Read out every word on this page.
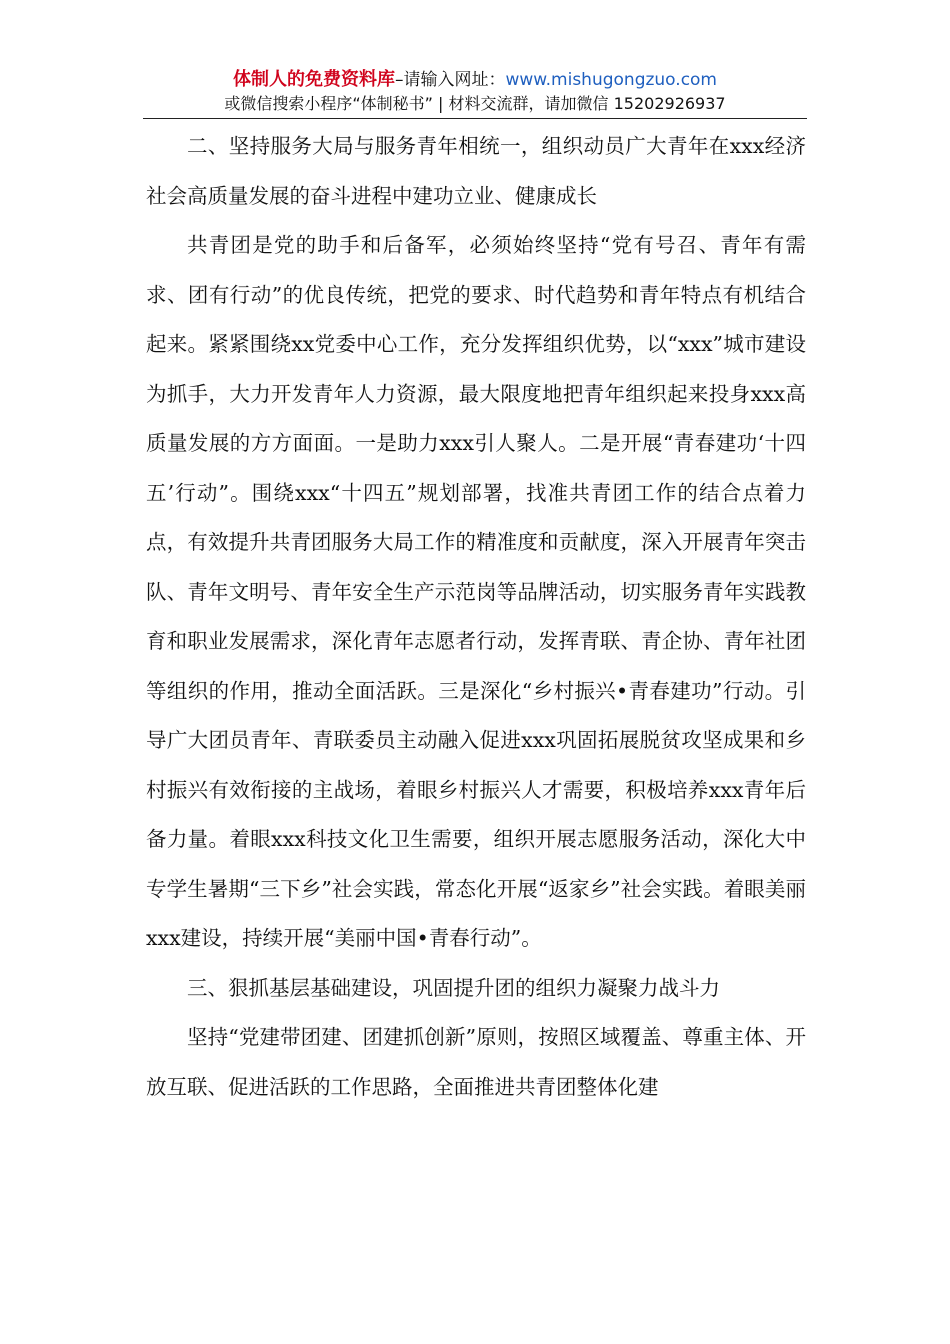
体制人的免费资料库–请输入网址：www.mishugongzuo.com
或微信搜索小程序“体制秘书” | 材料交流群，请加微信 15202926937

二、坚持服务大局与服务青年相统一，组织动员广大青年在xxx经济社会高质量发展的奋斗进程中建功立业、健康成长

共青团是党的助手和后备军，必须始终坚持“党有号召、青年有需求、团有行动”的优良传统，把党的要求、时代趋势和青年特点有机结合起来。紧紧围绕xx党委中心工作，充分发挥组织优势，以“xxx”城市建设为抓手，大力开发青年人力资源，最大限度地把青年组织起来投身xxx高质量发展的方方面面。一是助力xxx引人聚人。二是开展“青春建功‘十四五’行动”。围绕xxx“十四五”规划部署，找准共青团工作的结合点着力点，有效提升共青团服务大局工作的精准度和贡献度，深入开展青年突击队、青年文明号、青年安全生产示范岗等品牌活动，切实服务青年实践教育和职业发展需求，深化青年志愿者行动，发挥青联、青企协、青年社团等组织的作用，推动全面活跃。三是深化“乡村振兴•青春建功”行动。引导广大团员青年、青联委员主动融入促进xxx巩固拓展脱贫攻坚成果和乡村振兴有效衔接的主战场，着眼乡村振兴人才需要，积极培养xxx青年后备力量。着眼xxx科技文化卫生需要，组织开展志愿服务活动，深化大中专学生暑期“三下乡”社会实践，常态化开展“返家乡”社会实践。着眼美丽xxx建设，持续开展“美丽中国•青春行动”。

三、狠抓基层基础建设，巩固提升团的组织力凝聚力战斗力

坚持“党建带团建、团建抓创新”原则，按照区域覆盖、尊重主体、开放互联、促进活跃的工作思路，全面推进共青团整体化建
